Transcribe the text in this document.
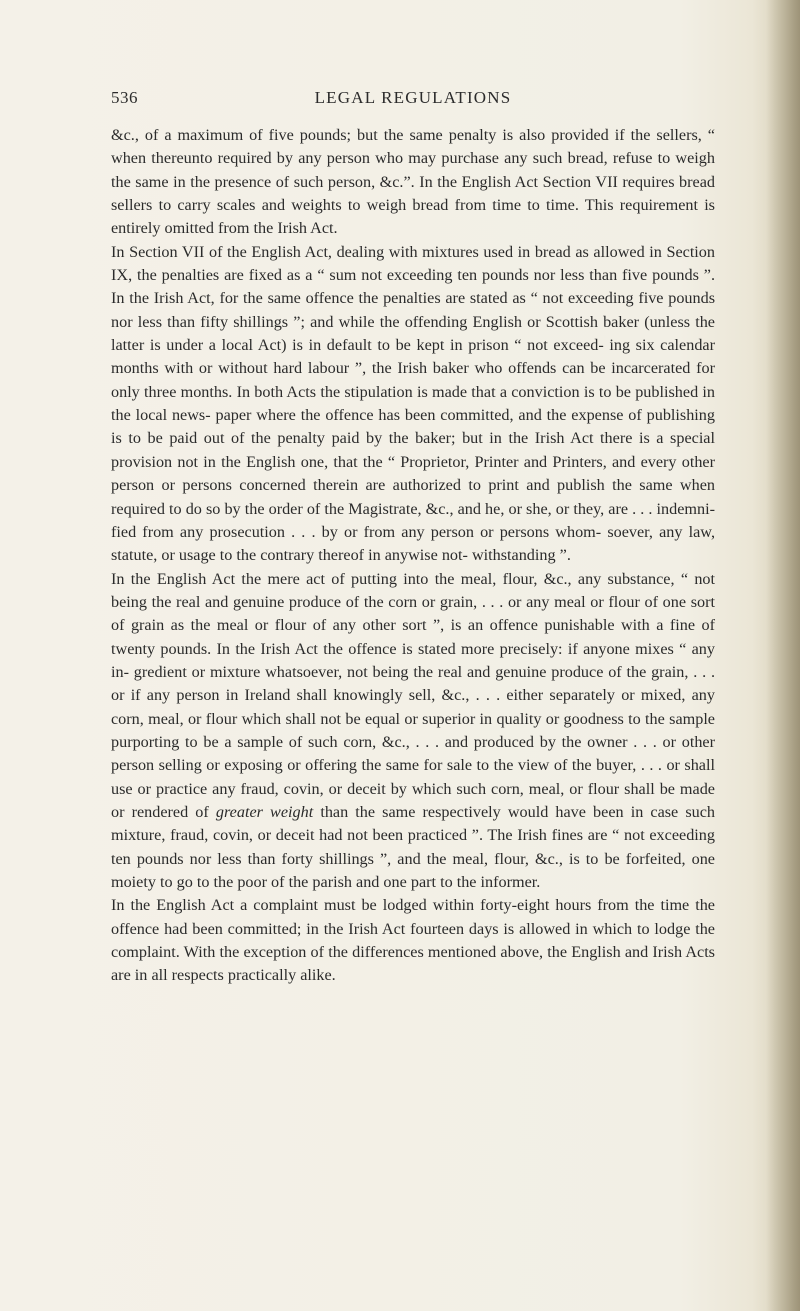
536	LEGAL REGULATIONS

&c., of a maximum of five pounds; but the same penalty is also provided if the sellers, “ when thereunto required by any person who may purchase any such bread, refuse to weigh the same in the presence of such person, &c.”. In the English Act Section VII requires bread sellers to carry scales and weights to weigh bread from time to time. This requirement is entirely omitted from the Irish Act.

In Section VII of the English Act, dealing with mixtures used in bread as allowed in Section IX, the penalties are fixed as a “ sum not exceeding ten pounds nor less than five pounds ”. In the Irish Act, for the same offence the penalties are stated as “ not exceeding five pounds nor less than fifty shillings ”; and while the offending English or Scottish baker (unless the latter is under a local Act) is in default to be kept in prison “ not exceed- ing six calendar months with or without hard labour ”, the Irish baker who offends can be incarcerated for only three months. In both Acts the stipulation is made that a conviction is to be published in the local news- paper where the offence has been committed, and the expense of publishing is to be paid out of the penalty paid by the baker; but in the Irish Act there is a special provision not in the English one, that the “ Proprietor, Printer and Printers, and every other person or persons concerned therein are authorized to print and publish the same when required to do so by the order of the Magistrate, &c., and he, or she, or they, are . . . indemni- fied from any prosecution . . . by or from any person or persons whom- soever, any law, statute, or usage to the contrary thereof in anywise not- withstanding ”.

In the English Act the mere act of putting into the meal, flour, &c., any substance, “ not being the real and genuine produce of the corn or grain, . . . or any meal or flour of one sort of grain as the meal or flour of any other sort ”, is an offence punishable with a fine of twenty pounds. In the Irish Act the offence is stated more precisely: if anyone mixes “ any in- gredient or mixture whatsoever, not being the real and genuine produce of the grain, . . . or if any person in Ireland shall knowingly sell, &c., . . . either separately or mixed, any corn, meal, or flour which shall not be equal or superior in quality or goodness to the sample purporting to be a sample of such corn, &c., . . . and produced by the owner . . . or other person selling or exposing or offering the same for sale to the view of the buyer, . . . or shall use or practice any fraud, covin, or deceit by which such corn, meal, or flour shall be made or rendered of greater weight than the same respectively would have been in case such mixture, fraud, covin, or deceit had not been practiced ”. The Irish fines are “ not exceeding ten pounds nor less than forty shillings ”, and the meal, flour, &c., is to be forfeited, one moiety to go to the poor of the parish and one part to the informer.

In the English Act a complaint must be lodged within forty-eight hours from the time the offence had been committed; in the Irish Act fourteen days is allowed in which to lodge the complaint. With the exception of the differences mentioned above, the English and Irish Acts are in all respects practically alike.
